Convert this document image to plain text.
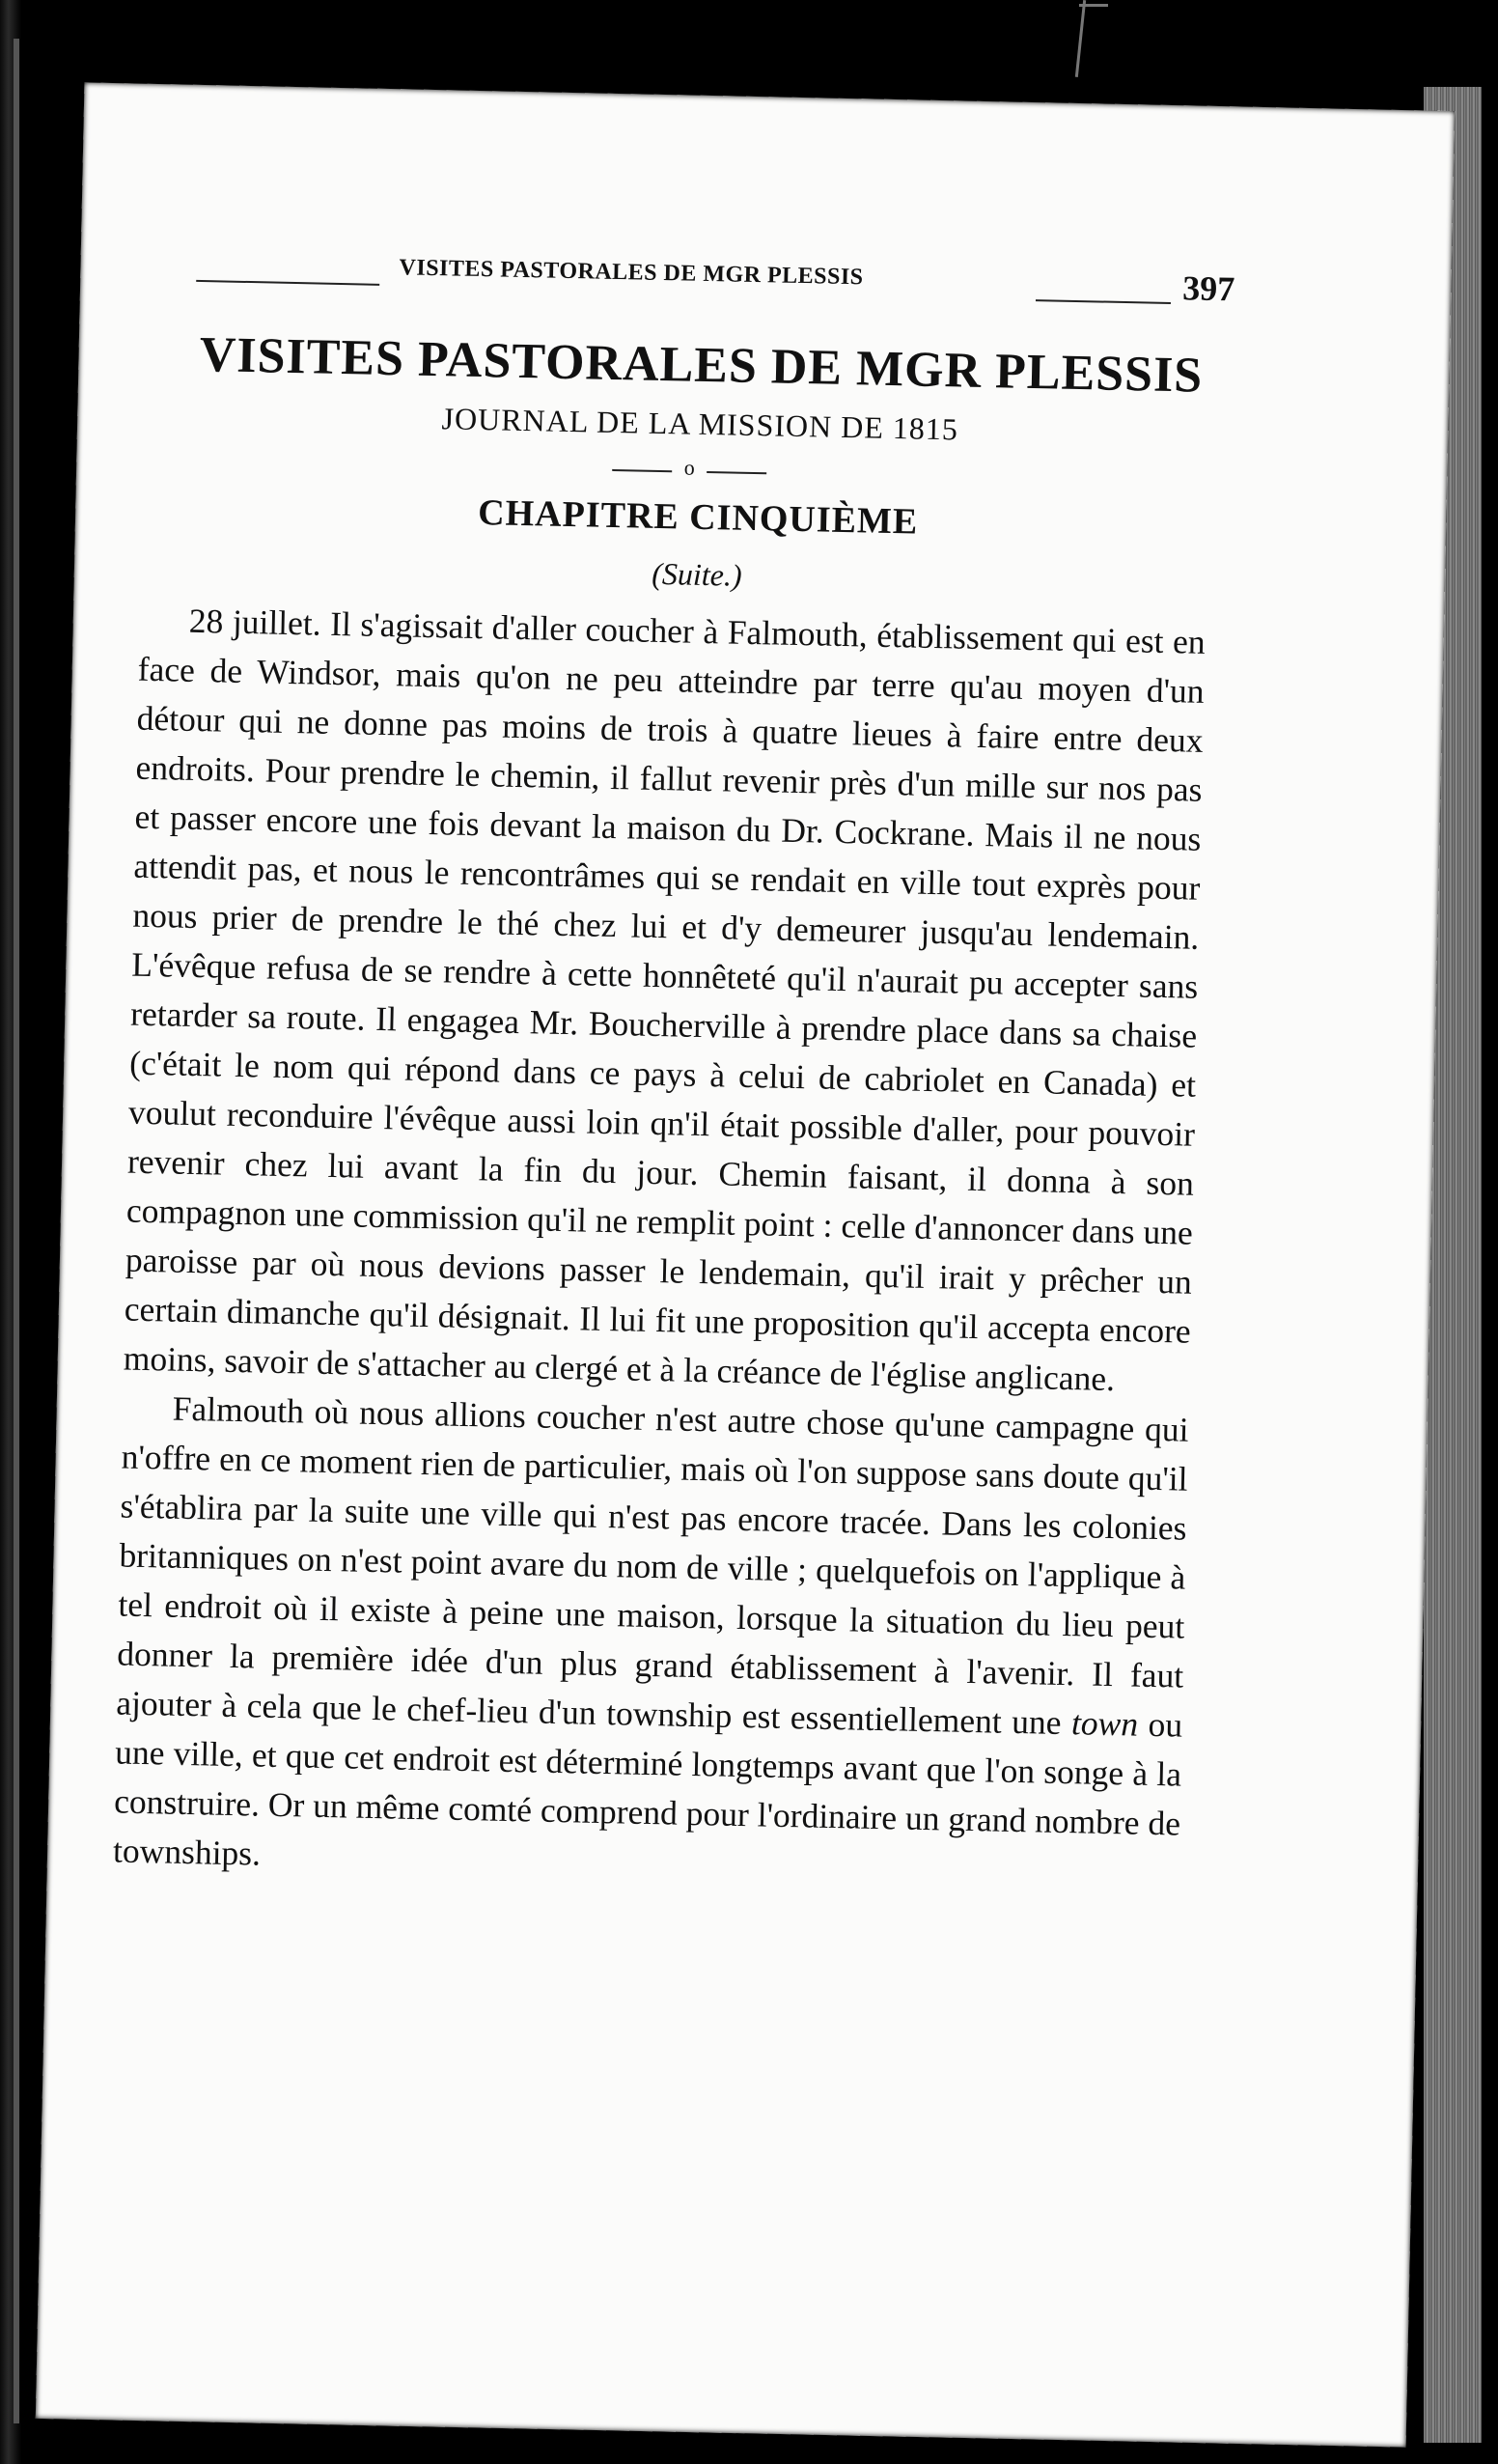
VISITES PASTORALES DE MGR PLESSIS	397
VISITES PASTORALES DE MGR PLESSIS
JOURNAL DE LA MISSION DE 1815
o
CHAPITRE CINQUIÈME
(Suite.)

28 juillet. Il s'agissait d'aller coucher à Falmouth, établissement qui est en face de Windsor, mais qu'on ne peu atteindre par terre qu'au moyen d'un détour qui ne donne pas moins de trois à quatre lieues à faire entre deux endroits. Pour prendre le chemin, il fallut revenir près d'un mille sur nos pas et passer encore une fois devant la maison du Dr. Cockrane. Mais il ne nous attendit pas, et nous le rencontrâmes qui se rendait en ville tout exprès pour nous prier de prendre le thé chez lui et d'y demeurer jusqu'au lendemain. L'évêque refusa de se rendre à cette honnêteté qu'il n'aurait pu accepter sans retarder sa route. Il engagea Mr. Boucherville à prendre place dans sa chaise (c'était le nom qui répond dans ce pays à celui de cabriolet en Canada) et voulut reconduire l'évêque aussi loin qn'il était possible d'aller, pour pouvoir revenir chez lui avant la fin du jour. Chemin faisant, il donna à son compagnon une commission qu'il ne remplit point : celle d'annoncer dans une paroisse par où nous devions passer le lendemain, qu'il irait y prêcher un certain dimanche qu'il désignait. Il lui fit une proposition qu'il accepta encore moins, savoir de s'attacher au clergé et à la créance de l'église anglicane.

Falmouth où nous allions coucher n'est autre chose qu'une campagne qui n'offre en ce moment rien de particulier, mais où l'on suppose sans doute qu'il s'établira par la suite une ville qui n'est pas encore tracée. Dans les colonies britanniques on n'est point avare du nom de ville ; quelquefois on l'applique à tel endroit où il existe à peine une maison, lorsque la situation du lieu peut donner la première idée d'un plus grand établissement à l'avenir. Il faut ajouter à cela que le chef-lieu d'un township est essentiellement une town ou une ville, et que cet endroit est déterminé longtemps avant que l'on songe à la construire. Or un même comté comprend pour l'ordinaire un grand nombre de townships.
